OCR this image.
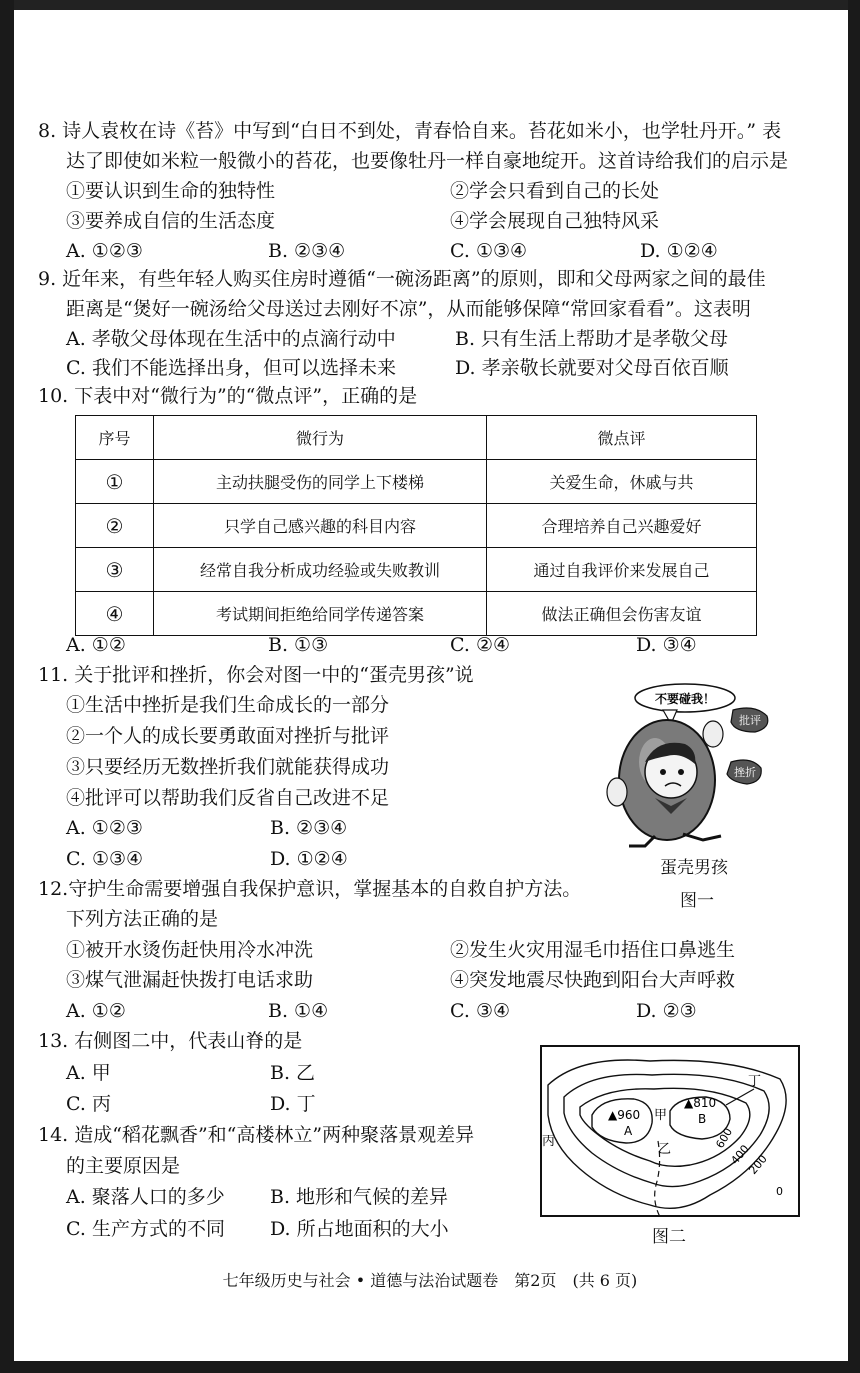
8. 诗人袁枚在诗《苔》中写到“白日不到处，青春恰自来。苔花如米小，也学牡丹开。” 表
达了即使如米粒一般微小的苔花，也要像牡丹一样自豪地绽开。这首诗给我们的启示是
①要认识到生命的独特性	②学会只看到自己的长处
③要养成自信的生活态度	④学会展现自己独特风采
A. ①②③	B. ②③④	C. ①③④	D. ①②④
9. 近年来，有些年轻人购买住房时遵循“一碗汤距离”的原则，即和父母两家之间的最佳
距离是“煲好一碗汤给父母送过去刚好不凉”，从而能够保障“常回家看看”。这表明
A. 孝敬父母体现在生活中的点滴行动中	B. 只有生活上帮助才是孝敬父母
C. 我们不能选择出身，但可以选择未来	D. 孝亲敬长就要对父母百依百顺
10. 下表中对“微行为”的“微点评”，正确的是
序号	微行为	微点评
①	主动扶腿受伤的同学上下楼梯	关爱生命，休戚与共
②	只学自己感兴趣的科目内容	合理培养自己兴趣爱好
③	经常自我分析成功经验或失败教训	通过自我评价来发展自己
④	考试期间拒绝给同学传递答案	做法正确但会伤害友谊
A. ①②	B. ①③	C. ②④	D. ③④
11. 关于批评和挫折，你会对图一中的“蛋壳男孩”说
①生活中挫折是我们生命成长的一部分
②一个人的成长要勇敢面对挫折与批评
③只要经历无数挫折我们就能获得成功
④批评可以帮助我们反省自己改进不足
A. ①②③	B. ②③④
C. ①③④	D. ①②④
不要碰我！
批评
挫折
蛋壳男孩
图一
12.守护生命需要增强自我保护意识，掌握基本的自救自护方法。
下列方法正确的是
①被开水烫伤赶快用冷水冲洗	②发生火灾用湿毛巾捂住口鼻逃生
③煤气泄漏赶快拨打电话求助	④突发地震尽快跑到阳台大声呼救
A. ①②	B. ①④	C. ③④	D. ②③
13. 右侧图二中，代表山脊的是
A. 甲	B. 乙
C. 丙	D. 丁
14. 造成“稻花飘香”和“高楼林立”两种聚落景观差异
的主要原因是
A. 聚落人口的多少 B. 地形和气候的差异
C. 生产方式的不同 D. 所占地面积的大小
▲960
A
▲810
B
甲
乙
丙
丁
600
400
200
0
图二
七年级历史与社会 • 道德与法治试题卷　第2页　(共 6 页)
